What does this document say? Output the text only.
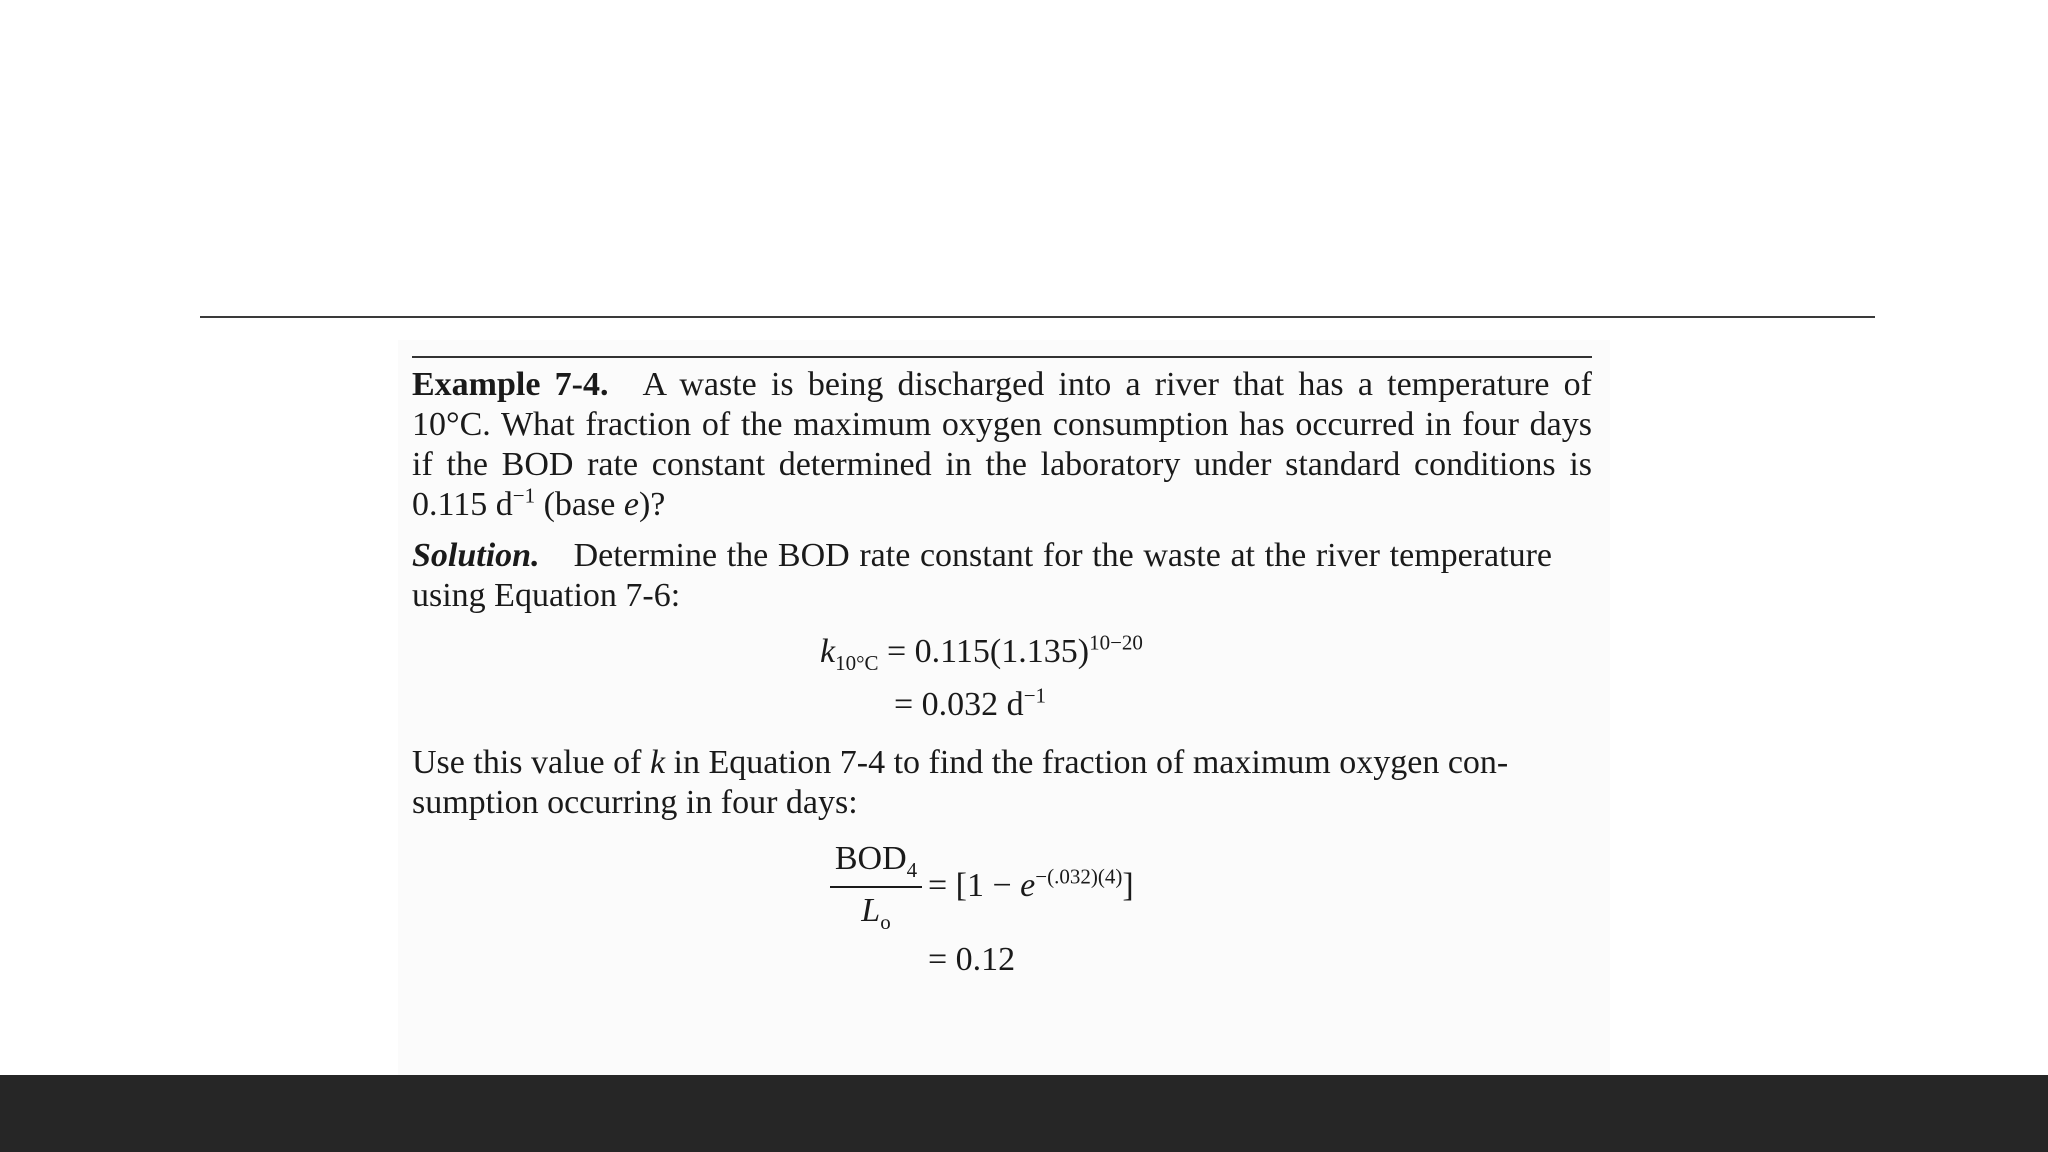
Example 7-4. A waste is being discharged into a river that has a temperature of
10°C. What fraction of the maximum oxygen consumption has occurred in four days
if the BOD rate constant determined in the laboratory under standard conditions is
0.115 $d^{-1}$ (base e)?
Solution. Determine the BOD rate constant for the waste at the river temperature
using Equation 7-6:
$k_{10^\circ C} = 0.115(1.135)^{10-20}$
= 0.032 $d^{-1}$
Use this value of k in Equation 7-4 to find the fraction of maximum oxygen con-
sumption occurring in four days:
$BOD_4$
$L_o$
= $[1 - e^{-(.032)(4)}]$
= 0.12
